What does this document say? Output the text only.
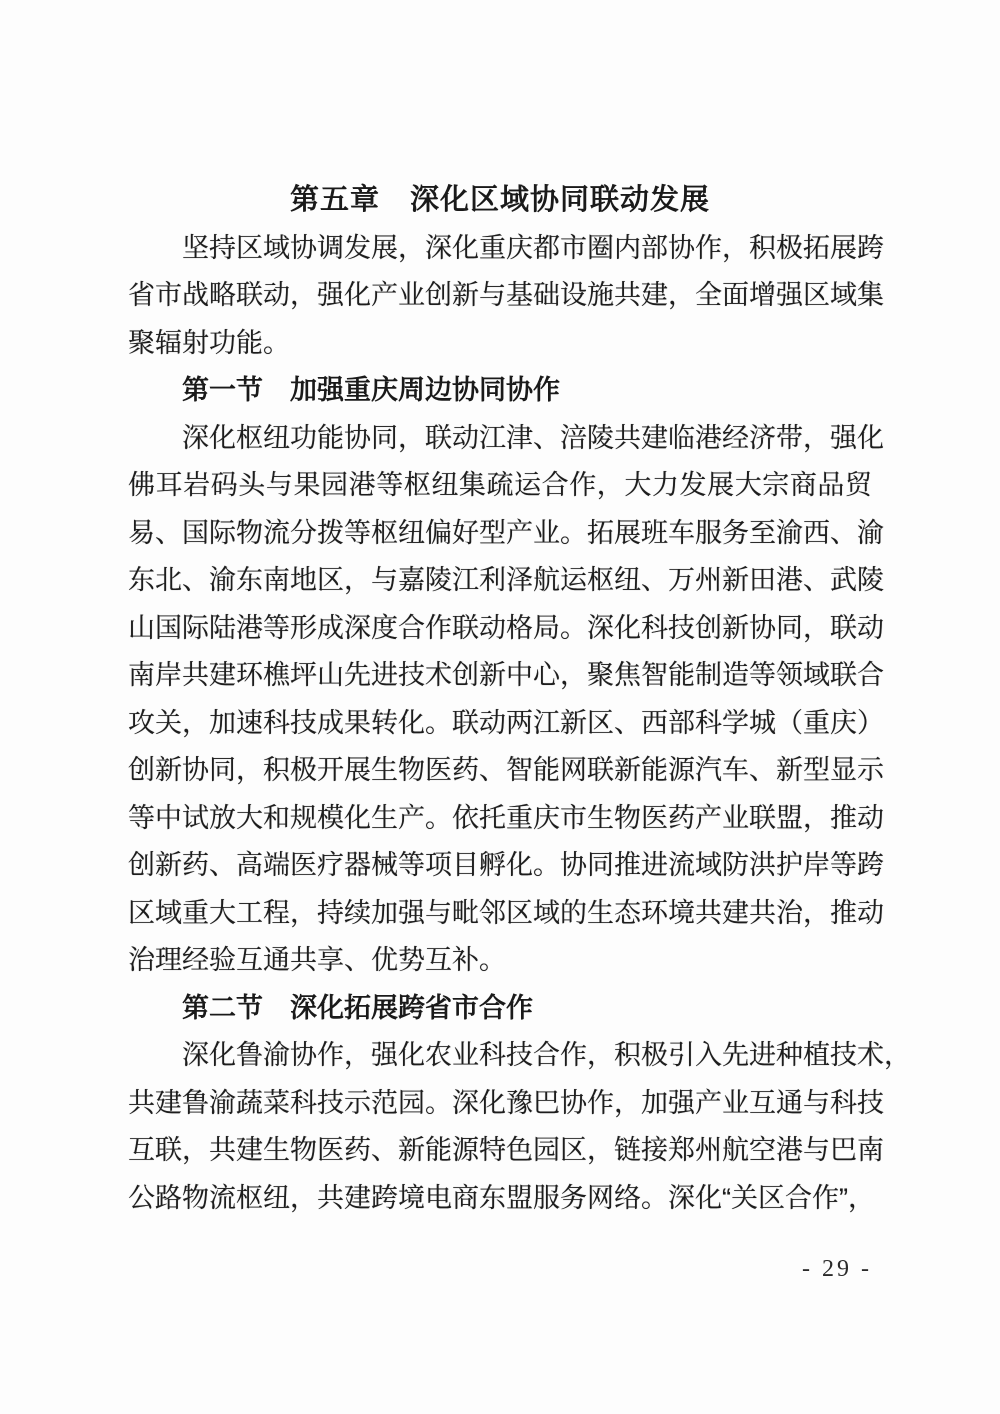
第五章　深化区域协同联动发展

坚持区域协调发展，深化重庆都市圈内部协作，积极拓展跨

省市战略联动，强化产业创新与基础设施共建，全面增强区域集

聚辐射功能。

第一节　加强重庆周边协同协作

深化枢纽功能协同，联动江津、涪陵共建临港经济带，强化

佛耳岩码头与果园港等枢纽集疏运合作，大力发展大宗商品贸

易、国际物流分拨等枢纽偏好型产业。拓展班车服务至渝西、渝

东北、渝东南地区，与嘉陵江利泽航运枢纽、万州新田港、武陵

山国际陆港等形成深度合作联动格局。深化科技创新协同，联动

南岸共建环樵坪山先进技术创新中心，聚焦智能制造等领域联合

攻关，加速科技成果转化。联动两江新区、西部科学城（重庆）

创新协同，积极开展生物医药、智能网联新能源汽车、新型显示

等中试放大和规模化生产。依托重庆市生物医药产业联盟，推动

创新药、高端医疗器械等项目孵化。协同推进流域防洪护岸等跨

区域重大工程，持续加强与毗邻区域的生态环境共建共治，推动

治理经验互通共享、优势互补。

第二节　深化拓展跨省市合作

深化鲁渝协作，强化农业科技合作，积极引入先进种植技术，

共建鲁渝蔬菜科技示范园。深化豫巴协作，加强产业互通与科技

互联，共建生物医药、新能源特色园区，链接郑州航空港与巴南

公路物流枢纽，共建跨境电商东盟服务网络。深化“关区合作”，

- 29 -
